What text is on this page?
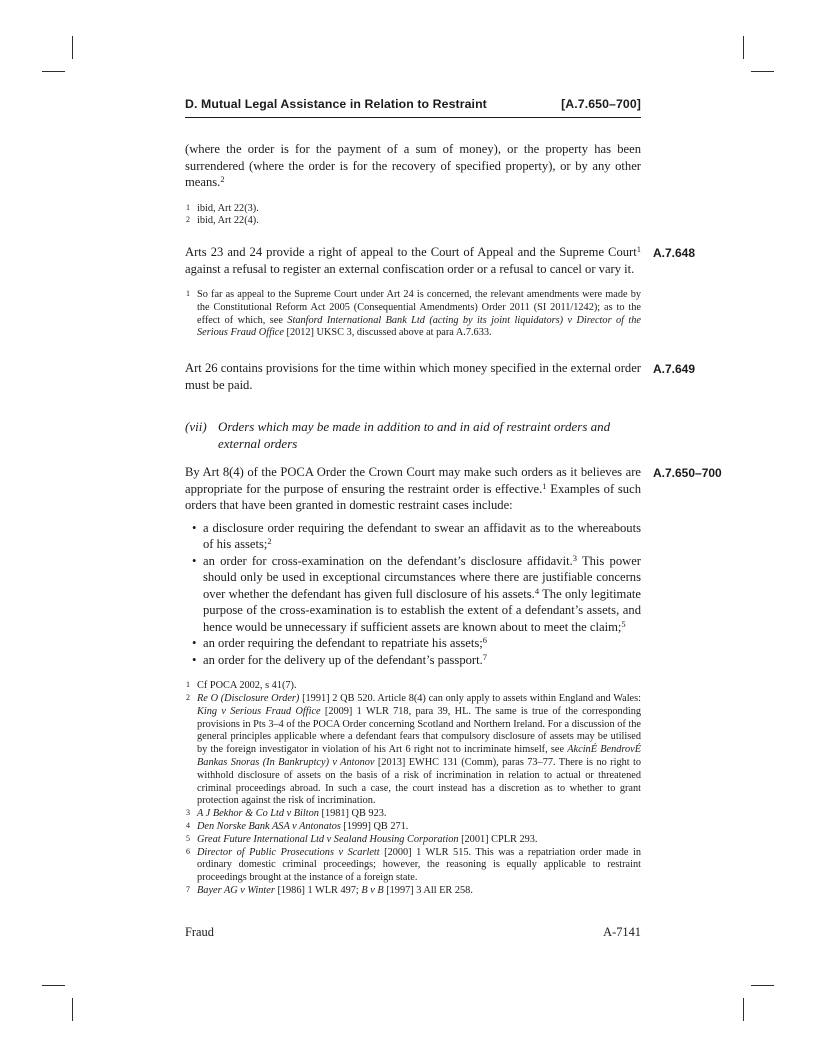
D. Mutual Legal Assistance in Relation to Restraint	[A.7.650–700]

(where the order is for the payment of a sum of money), or the property has been surrendered (where the order is for the recovery of specified property), or by any other means.$^2$

1 ibid, Art 22(3).
2 ibid, Art 22(4).

Arts 23 and 24 provide a right of appeal to the Court of Appeal and the Supreme Court$^1$ against a refusal to register an external confiscation order or a refusal to cancel or vary it.

A.7.648
1 So far as appeal to the Supreme Court under Art 24 is concerned, the relevant amendments were made by the Constitutional Reform Act 2005 (Consequential Amendments) Order 2011 (SI 2011/1242); as to the effect of which, see Stanford International Bank Ltd (acting by its joint liquidators) v Director of the Serious Fraud Office [2012] UKSC 3, discussed above at para A.7.633.

Art 26 contains provisions for the time within which money specified in the external order must be paid.

A.7.649
(vii) Orders which may be made in addition to and in aid of restraint orders and external orders

By Art 8(4) of the POCA Order the Crown Court may make such orders as it believes are appropriate for the purpose of ensuring the restraint order is effective.$^1$ Examples of such orders that have been granted in domestic restraint cases include:

A.7.650–700
• a disclosure order requiring the defendant to swear an affidavit as to the whereabouts of his assets;$^2$
• an order for cross-examination on the defendant’s disclosure affidavit.$^3$ This power should only be used in exceptional circumstances where there are justifiable concerns over whether the defendant has given full disclosure of his assets.$^4$ The only legitimate purpose of the cross-examination is to establish the extent of a defendant’s assets, and hence would be unnecessary if sufficient assets are known about to meet the claim;$^5$
• an order requiring the defendant to repatriate his assets;$^6$
• an order for the delivery up of the defendant’s passport.$^7$
1 Cf POCA 2002, s 41(7).
2 Re O (Disclosure Order) [1991] 2 QB 520. Article 8(4) can only apply to assets within England and Wales: King v Serious Fraud Office [2009] 1 WLR 718, para 39, HL. The same is true of the corresponding provisions in Pts 3–4 of the POCA Order concerning Scotland and Northern Ireland. For a discussion of the general principles applicable where a defendant fears that compulsory disclosure of assets may be utilised by the foreign investigator in violation of his Art 6 right not to incriminate himself, see AkcinÉ BendrovÉ Bankas Snoras (In Bankruptcy) v Antonov [2013] EWHC 131 (Comm), paras 73–77. There is no right to withhold disclosure of assets on the basis of a risk of incrimination in relation to actual or threatened criminal proceedings abroad. In such a case, the court instead has a discretion as to whether to grant protection against the risk of incrimination.
3 A J Bekhor & Co Ltd v Bilton [1981] QB 923.
4 Den Norske Bank ASA v Antonatos [1999] QB 271.
5 Great Future International Ltd v Sealand Housing Corporation [2001] CPLR 293.
6 Director of Public Prosecutions v Scarlett [2000] 1 WLR 515. This was a repatriation order made in ordinary domestic criminal proceedings; however, the reasoning is equally applicable to restraint proceedings brought at the instance of a foreign state.
7 Bayer AG v Winter [1986] 1 WLR 497; B v B [1997] 3 All ER 258.
Fraud	A-7141
